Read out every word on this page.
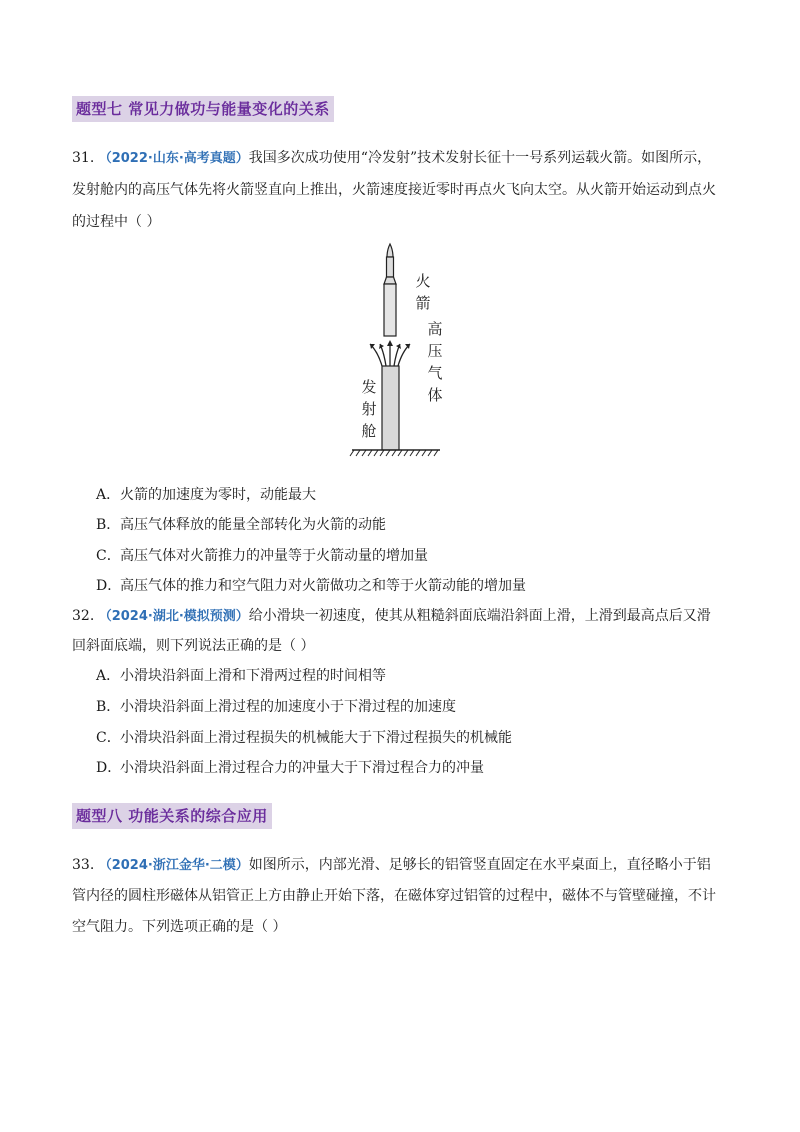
题型七 常见力做功与能量变化的关系
31. （2022·山东·高考真题）我国多次成功使用“冷发射”技术发射长征十一号系列运载火箭。如图所示，
发射舱内的高压气体先将火箭竖直向上推出，火箭速度接近零时再点火飞向太空。从火箭开始运动到点火
的过程中（ ）
火
箭
高
压
气
体
发
射
舱
A．火箭的加速度为零时，动能最大
B．高压气体释放的能量全部转化为火箭的动能
C．高压气体对火箭推力的冲量等于火箭动量的增加量
D．高压气体的推力和空气阻力对火箭做功之和等于火箭动能的增加量
32. （2024·湖北·模拟预测）给小滑块一初速度，使其从粗糙斜面底端沿斜面上滑，上滑到最高点后又滑
回斜面底端，则下列说法正确的是（ ）
A．小滑块沿斜面上滑和下滑两过程的时间相等
B．小滑块沿斜面上滑过程的加速度小于下滑过程的加速度
C．小滑块沿斜面上滑过程损失的机械能大于下滑过程损失的机械能
D．小滑块沿斜面上滑过程合力的冲量大于下滑过程合力的冲量
题型八 功能关系的综合应用
33. （2024·浙江金华·二模）如图所示，内部光滑、足够长的铝管竖直固定在水平桌面上，直径略小于铝
管内径的圆柱形磁体从铝管正上方由静止开始下落，在磁体穿过铝管的过程中，磁体不与管壁碰撞，不计
空气阻力。下列选项正确的是（ ）
